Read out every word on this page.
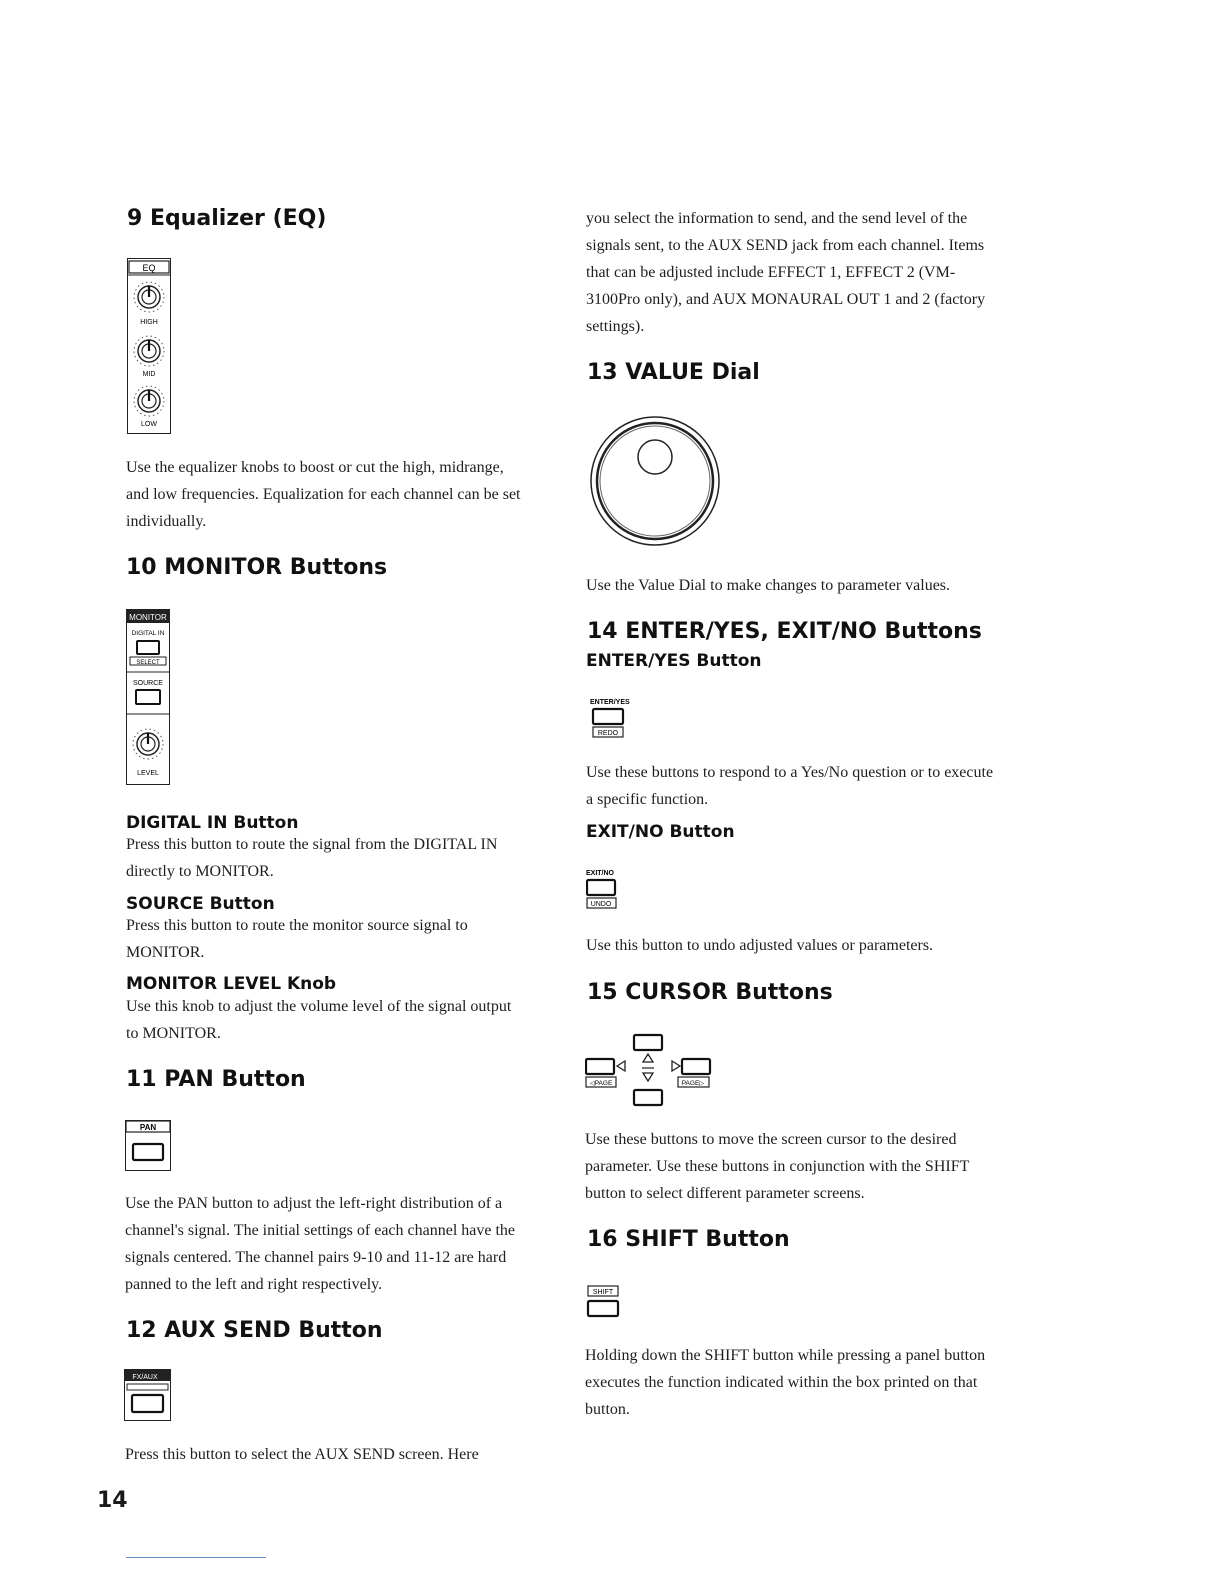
9 Equalizer (EQ)
EQ
HIGH
MID
LOW

Use the equalizer knobs to boost or cut the high, midrange, and low frequencies. Equalization for each channel can be set individually.

10 MONITOR Buttons
MONITOR
DIGITAL IN
SELECT
SOURCE
LEVEL
DIGITAL IN Button

Press this button to route the signal from the DIGITAL IN directly to MONITOR.

SOURCE Button

Press this button to route the monitor source signal to MONITOR.

MONITOR LEVEL Knob

Use this knob to adjust the volume level of the signal output to MONITOR.

11 PAN Button
PAN

Use the PAN button to adjust the left-right distribution of a channel's signal. The initial settings of each channel have the signals centered. The channel pairs 9-10 and 11-12 are hard panned to the left and right respectively.

12 AUX SEND Button
FX/AUX

Press this button to select the AUX SEND screen. Here

14

you select the information to send, and the send level of the signals sent, to the AUX SEND jack from each channel. Items that can be adjusted include EFFECT 1, EFFECT 2 (VM-3100Pro only), and AUX MONAURAL OUT 1 and 2 (factory settings).

13 VALUE Dial

Use the Value Dial to make changes to parameter values.

14 ENTER/YES, EXIT/NO Buttons
ENTER/YES Button
ENTER/YES
REDO

Use these buttons to respond to a Yes/No question or to execute a specific function.

EXIT/NO Button
EXIT/NO
UNDO

Use this button to undo adjusted values or parameters.

15 CURSOR Buttons
◁PAGE	PAGE▷

Use these buttons to move the screen cursor to the desired parameter. Use these buttons in conjunction with the SHIFT button to select different parameter screens.

16 SHIFT Button
SHIFT

Holding down the SHIFT button while pressing a panel button executes the function indicated within the box printed on that button.
